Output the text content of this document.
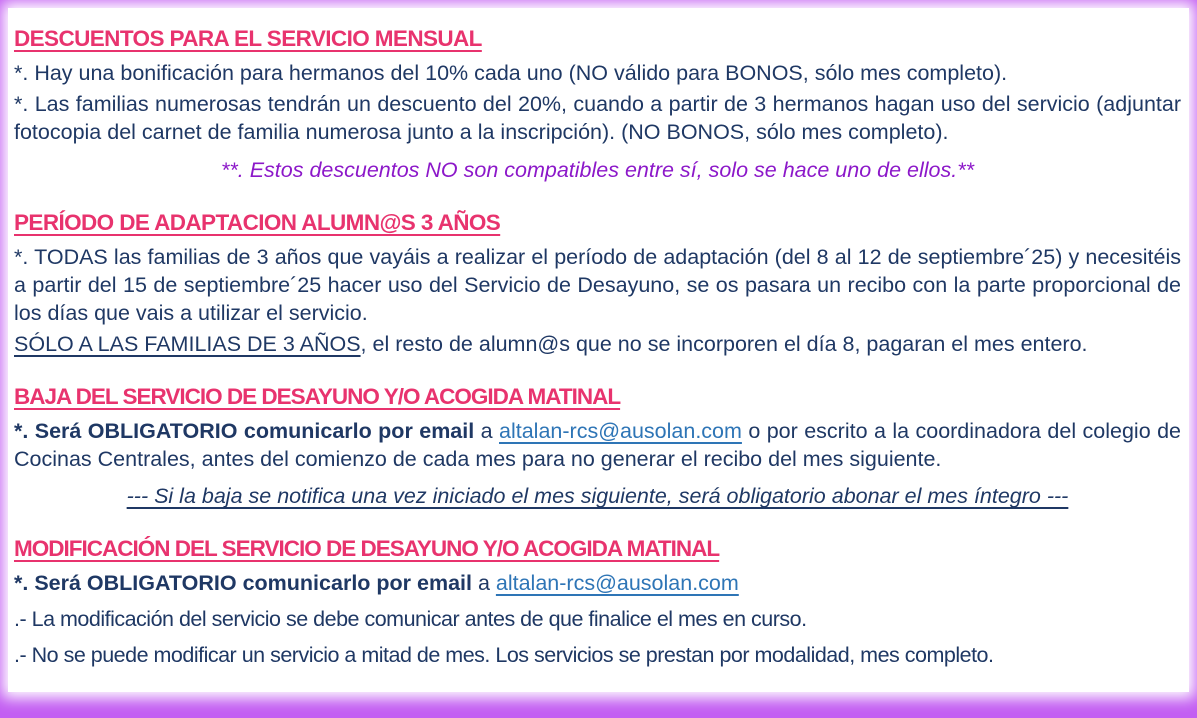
DESCUENTOS PARA EL SERVICIO MENSUAL

*. Hay una bonificación para hermanos del 10% cada uno (NO válido para BONOS, sólo mes completo).

*. Las familias numerosas tendrán un descuento del 20%, cuando a partir de 3 hermanos hagan uso del servicio (adjuntar fotocopia del carnet de familia numerosa junto a la inscripción). (NO BONOS, sólo mes completo).

**. Estos descuentos NO son compatibles entre sí, solo se hace uno de ellos.**

PERÍODO DE ADAPTACION ALUMN@S 3 AÑOS

*. TODAS las familias de 3 años que vayáis a realizar el período de adaptación (del 8 al 12 de septiembre´25) y necesitéis a partir del 15 de septiembre´25 hacer uso del Servicio de Desayuno, se os pasara un recibo con la parte proporcional de los días que vais a utilizar el servicio.

SÓLO A LAS FAMILIAS DE 3 AÑOS, el resto de alumn@s que no se incorporen el día 8, pagaran el mes entero.

BAJA DEL SERVICIO DE DESAYUNO Y/O ACOGIDA MATINAL

*. Será OBLIGATORIO comunicarlo por email a altalan-rcs@ausolan.com o por escrito a la coordinadora del colegio de Cocinas Centrales, antes del comienzo de cada mes para no generar el recibo del mes siguiente.

--- Si la baja se notifica una vez iniciado el mes siguiente, será obligatorio abonar el mes íntegro ---

MODIFICACIÓN DEL SERVICIO DE DESAYUNO Y/O ACOGIDA MATINAL

*. Será OBLIGATORIO comunicarlo por email a altalan-rcs@ausolan.com

.- La modificación del servicio se debe comunicar antes de que finalice el mes en curso.

.- No se puede modificar un servicio a mitad de mes. Los servicios se prestan por modalidad, mes completo.
